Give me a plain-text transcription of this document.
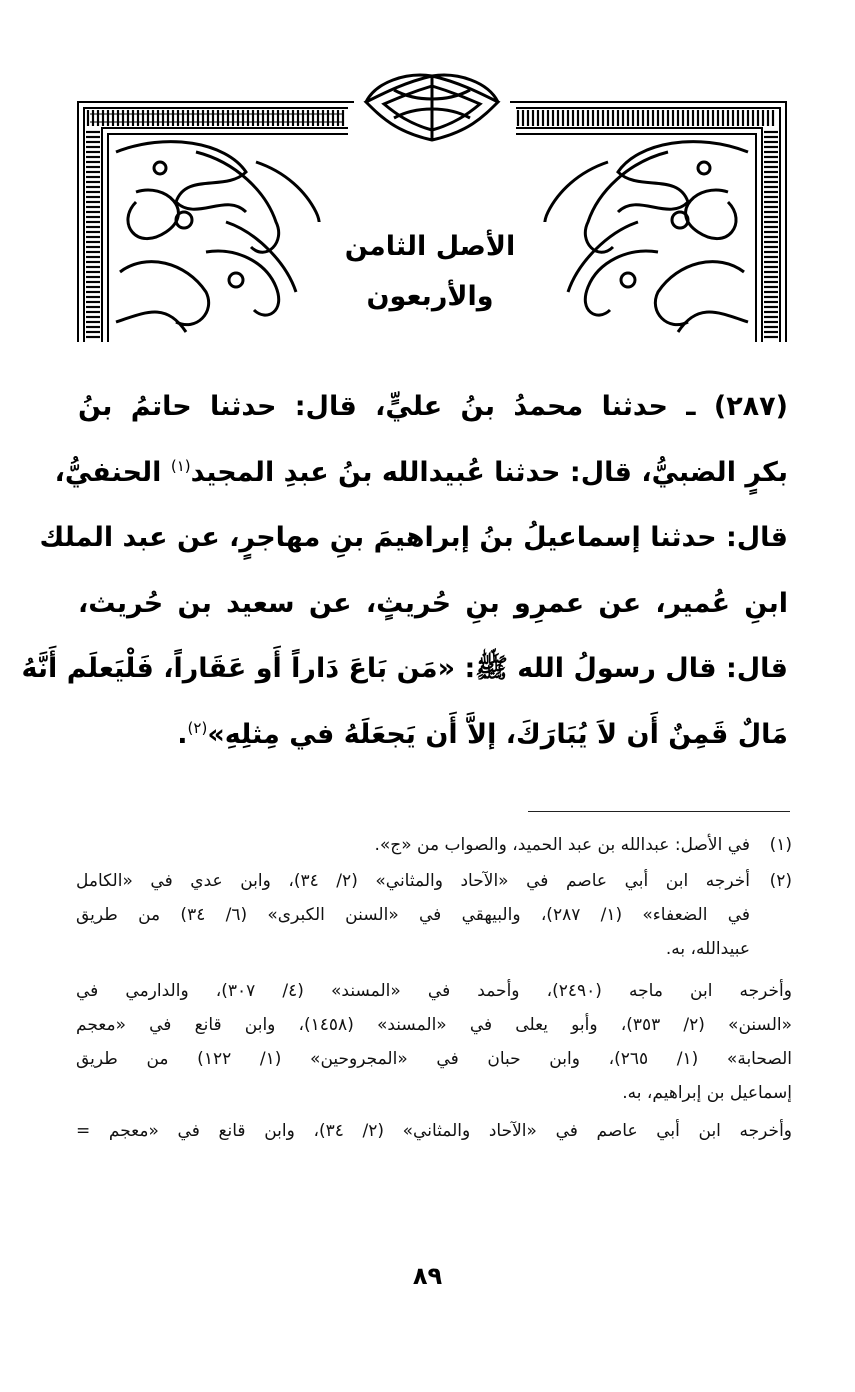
الأصل الثامن والأربعون
(٢٨٧) ـ حدثنا محمدُ بنُ عليٍّ، قال: حدثنا حاتمُ بنُ
بكرٍ الضبيُّ، قال: حدثنا عُبيدالله بنُ عبدِ المجيد$^{(١)}$ الحنفيُّ،
قال: حدثنا إسماعيلُ بنُ إبراهيمَ بنِ مهاجرٍ، عن عبد الملك
ابنِ عُمير، عن عمرِو بنِ حُريثٍ، عن سعيد بن حُريث،
قال: قال رسولُ الله ﷺ: «مَن بَاعَ دَاراً أَو عَقَاراً، فَلْيَعلَم أَنَّهُ
مَالٌ قَمِنٌ أَن لاَ يُبَارَكَ، إلاَّ أَن يَجعَلَهُ في مِثلِهِ»$^{(٢)}$.
(١)
في الأصل: عبدالله بن عبد الحميد، والصواب من «ج».
(٢)
أخرجه ابن أبي عاصم في «الآحاد والمثاني» (٢/ ٣٤)، وابن عدي في «الكامل
في الضعفاء» (١/ ٢٨٧)، والبيهقي في «السنن الكبرى» (٦/ ٣٤) من طريق
عبيدالله، به.
وأخرجه ابن ماجه (٢٤٩٠)، وأحمد في «المسند» (٤/ ٣٠٧)، والدارمي في
«السنن» (٢/ ٣٥٣)، وأبو يعلى في «المسند» (١٤٥٨)، وابن قانع في «معجم
الصحابة» (١/ ٢٦٥)، وابن حبان في «المجروحين» (١/ ١٢٢) من طريق
إسماعيل بن إبراهيم، به.
وأخرجه ابن أبي عاصم في «الآحاد والمثاني» (٢/ ٣٤)، وابن قانع في «معجم =
٨٩
